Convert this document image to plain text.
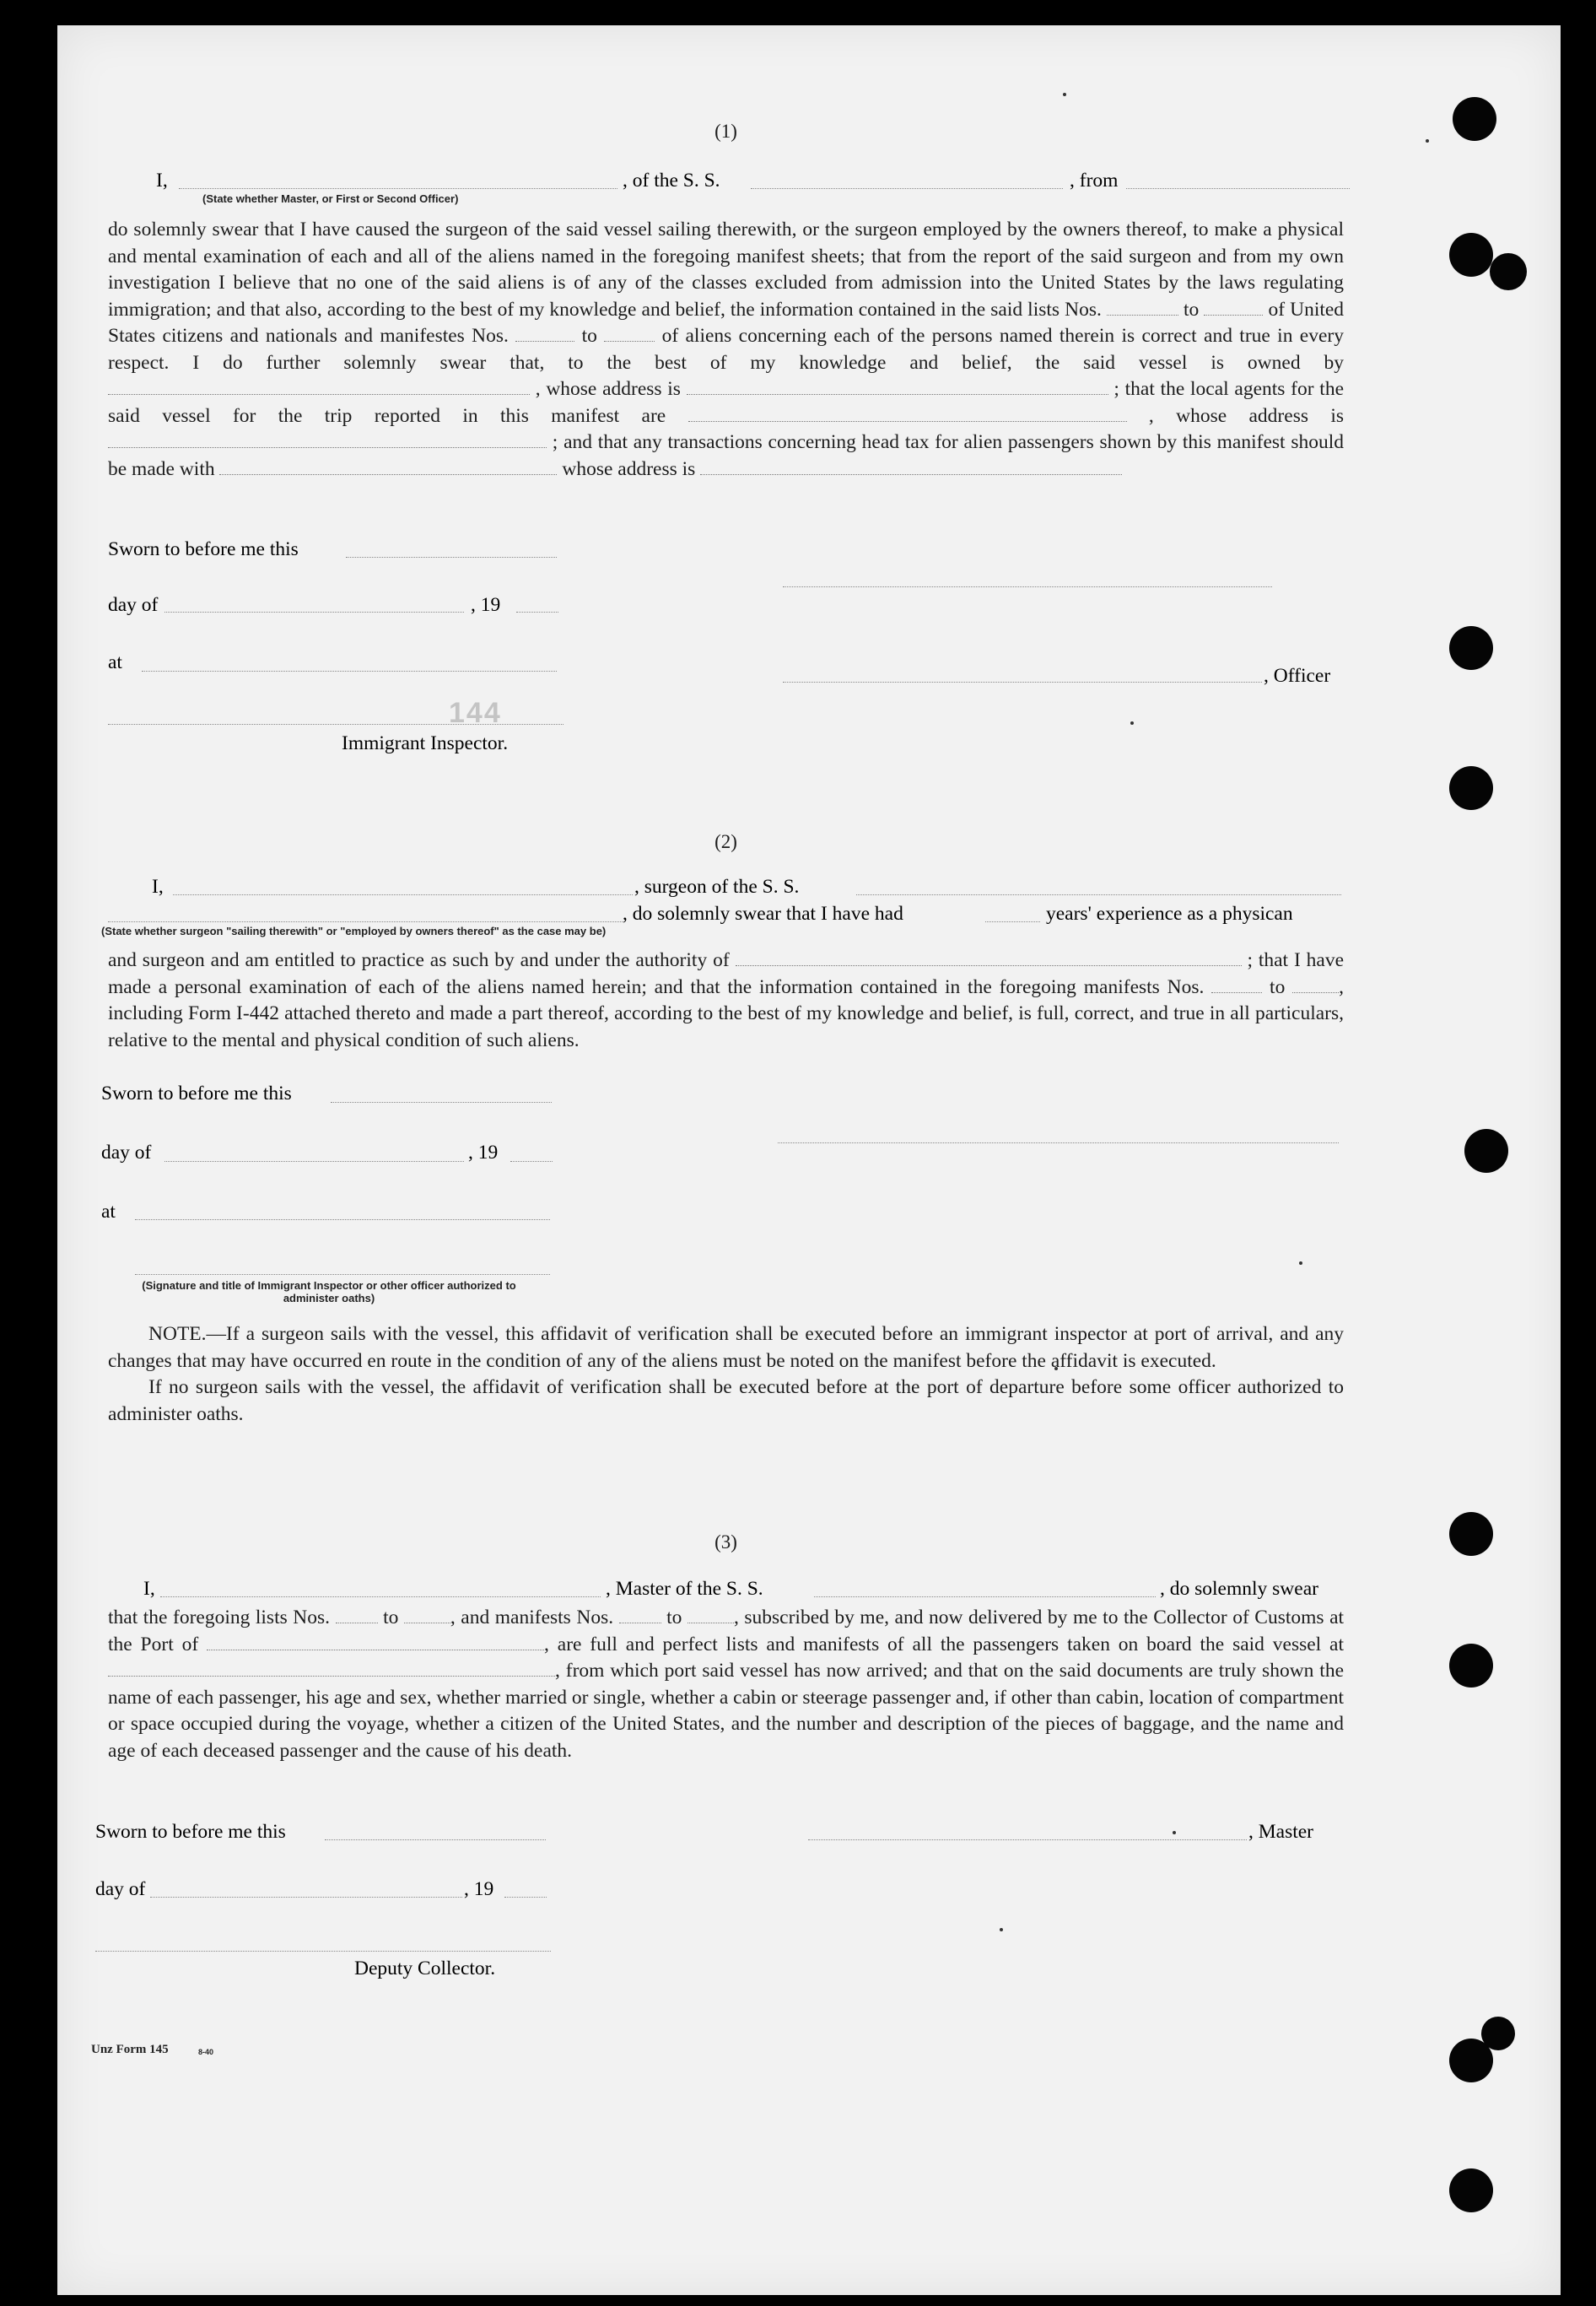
(1)
I,
(State whether Master, or First or Second Officer)
, of the S. S.	, from

do solemnly swear that I have caused the surgeon of the said vessel sailing therewith, or the surgeon employed by the owners thereof, to make a physical and mental examination of each and all of the aliens named in the foregoing manifest sheets; that from the report of the said surgeon and from my own investigation I believe that no one of the said aliens is of any of the classes excluded from admission into the United States by the laws regulating immigration; and that also, according to the best of my knowledge and belief, the information contained in the said lists Nos.	to	of United States citizens and nationals and manifestes Nos.	to	of aliens concerning each of the persons named therein is correct and true in every respect. I do further solemnly swear that, to the best of my knowledge and belief, the said vessel is owned by  , whose address is	; that the local agents for the said vessel for the trip reported in this manifest are	, whose address is  ; and that any transactions concerning head tax for alien passengers shown by this manifest should be made with	whose address is

Sworn to before me this
day of	, 19
at
, Officer
144
Immigrant Inspector.
(2)
I,	, surgeon of the S. S.
, do solemnly swear that I have had	years' experience as a physican
(State whether surgeon "sailing therewith" or "employed by owners thereof" as the case may be)

and surgeon and am entitled to practice as such by and under the authority of	; that I have made a personal examination of each of the aliens named herein; and that the information contained in the foregoing manifests Nos.	to	, including Form I-442 attached thereto and made a part thereof, according to the best of my knowledge and belief, is full, correct, and true in all particulars, relative to the mental and physical condition of such aliens.

Sworn to before me this
day of	, 19
at
(Signature and title of Immigrant Inspector or other officer authorized to administer oaths)

NOTE.—If a surgeon sails with the vessel, this affidavit of verification shall be executed before an immigrant inspector at port of arrival, and any changes that may have occurred en route in the condition of any of the aliens must be noted on the manifest before the affidavit is executed.

If no surgeon sails with the vessel, the affidavit of verification shall be executed before at the port of departure before some officer authorized to administer oaths.

(3)
I,	, Master of the S. S.	, do solemnly swear

that the foregoing lists Nos.	to	, and manifests Nos.	to	, subscribed by me, and now delivered by me to the Collector of Customs at the Port of	, are full and perfect lists and manifests of all the passengers taken on board the said vessel at , from which port said vessel has now arrived; and that on the said documents are truly shown the name of each passenger, his age and sex, whether married or single, whether a cabin or steerage passenger and, if other than cabin, location of compartment or space occupied during the voyage, whether a citizen of the United States, and the number and description of the pieces of baggage, and the name and age of each deceased passenger and the cause of his death.

Sworn to before me this	, Master
day of	, 19
Deputy Collector.
Unz Form 145	8-40
